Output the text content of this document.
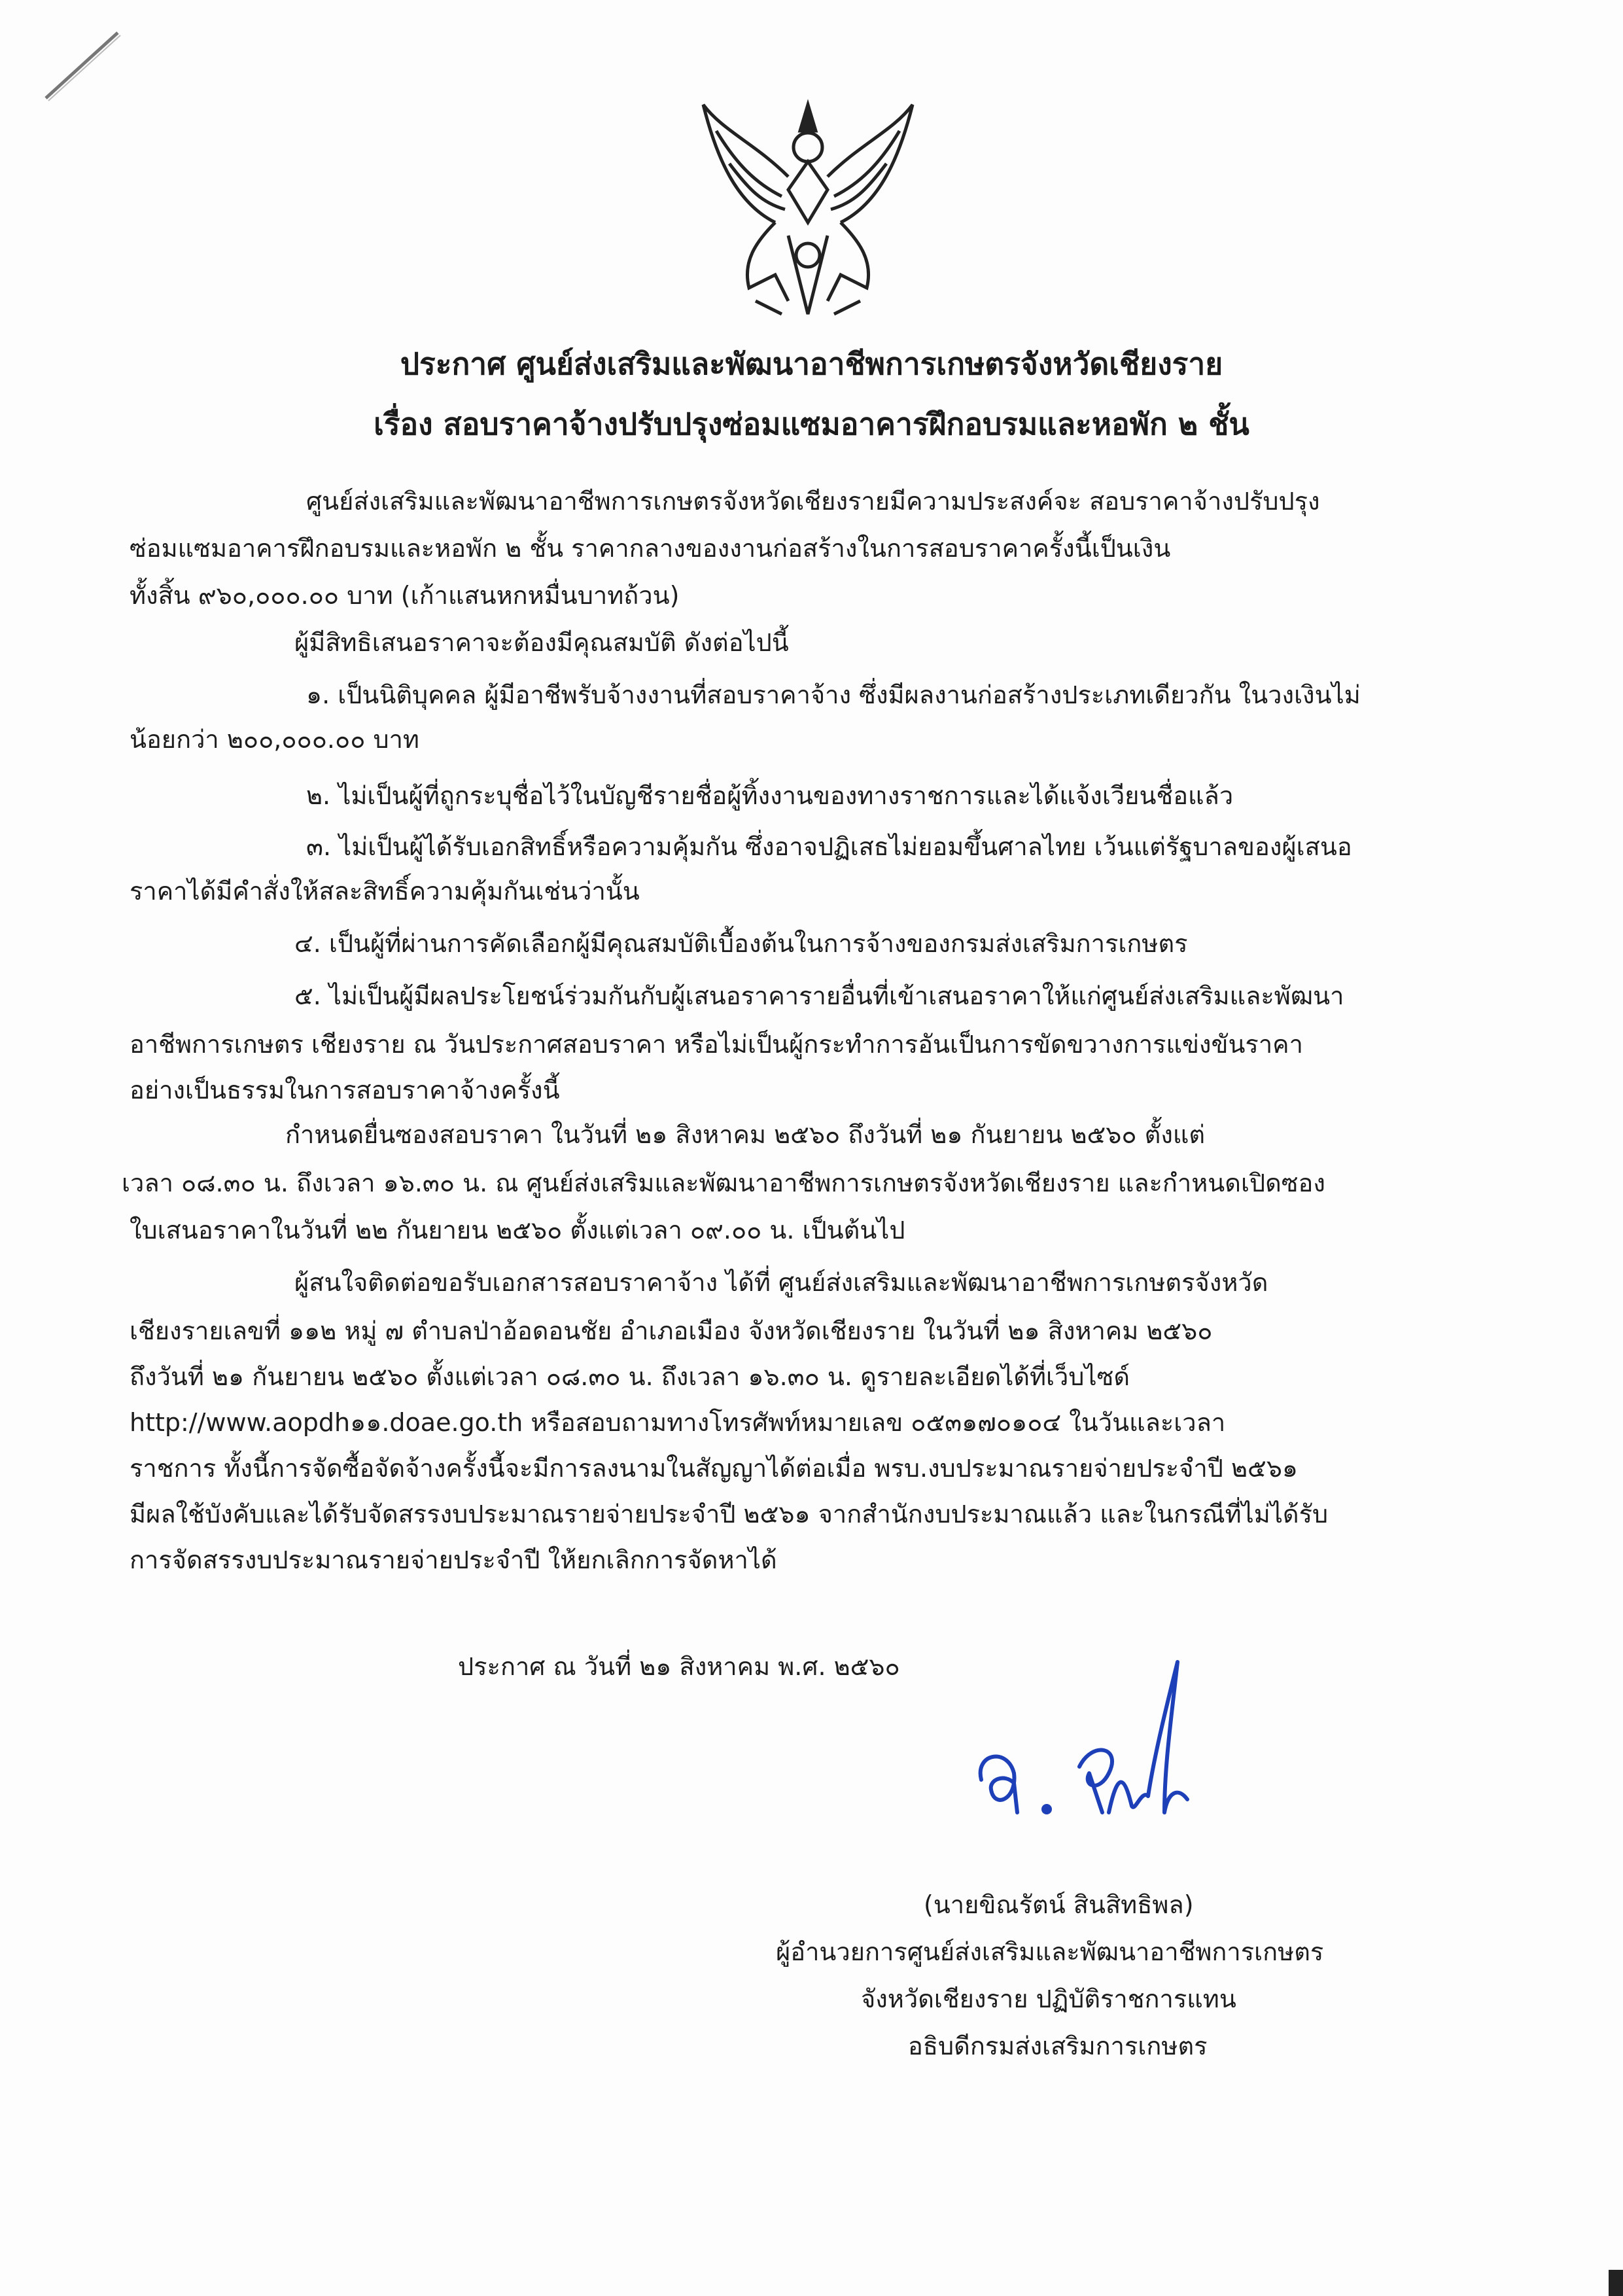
ประกาศ ศูนย์ส่งเสริมและพัฒนาอาชีพการเกษตรจังหวัดเชียงราย
เรื่อง สอบราคาจ้างปรับปรุงซ่อมแซมอาคารฝึกอบรมและหอพัก ๒ ชั้น
ศูนย์ส่งเสริมและพัฒนาอาชีพการเกษตรจังหวัดเชียงรายมีความประสงค์จะ สอบราคาจ้างปรับปรุง
ซ่อมแซมอาคารฝึกอบรมและหอพัก ๒ ชั้น ราคากลางของงานก่อสร้างในการสอบราคาครั้งนี้เป็นเงิน
ทั้งสิ้น ๙๖๐,๐๐๐.๐๐ บาท (เก้าแสนหกหมื่นบาทถ้วน)
ผู้มีสิทธิเสนอราคาจะต้องมีคุณสมบัติ ดังต่อไปนี้
๑. เป็นนิติบุคคล ผู้มีอาชีพรับจ้างงานที่สอบราคาจ้าง ซึ่งมีผลงานก่อสร้างประเภทเดียวกัน ในวงเงินไม่
น้อยกว่า ๒๐๐,๐๐๐.๐๐ บาท
๒. ไม่เป็นผู้ที่ถูกระบุชื่อไว้ในบัญชีรายชื่อผู้ทิ้งงานของทางราชการและได้แจ้งเวียนชื่อแล้ว
๓. ไม่เป็นผู้ได้รับเอกสิทธิ์หรือความคุ้มกัน ซึ่งอาจปฏิเสธไม่ยอมขึ้นศาลไทย เว้นแต่รัฐบาลของผู้เสนอ
ราคาได้มีคำสั่งให้สละสิทธิ์ความคุ้มกันเช่นว่านั้น
๔. เป็นผู้ที่ผ่านการคัดเลือกผู้มีคุณสมบัติเบื้องต้นในการจ้างของกรมส่งเสริมการเกษตร
๕. ไม่เป็นผู้มีผลประโยชน์ร่วมกันกับผู้เสนอราคารายอื่นที่เข้าเสนอราคาให้แก่ศูนย์ส่งเสริมและพัฒนา
อาชีพการเกษตร เชียงราย ณ วันประกาศสอบราคา หรือไม่เป็นผู้กระทำการอันเป็นการขัดขวางการแข่งขันราคา
อย่างเป็นธรรมในการสอบราคาจ้างครั้งนี้
กำหนดยื่นซองสอบราคา ในวันที่ ๒๑ สิงหาคม ๒๕๖๐ ถึงวันที่ ๒๑ กันยายน ๒๕๖๐ ตั้งแต่
เวลา ๐๘.๓๐ น. ถึงเวลา ๑๖.๓๐ น. ณ ศูนย์ส่งเสริมและพัฒนาอาชีพการเกษตรจังหวัดเชียงราย และกำหนดเปิดซอง
ใบเสนอราคาในวันที่ ๒๒ กันยายน ๒๕๖๐ ตั้งแต่เวลา ๐๙.๐๐ น. เป็นต้นไป
ผู้สนใจติดต่อขอรับเอกสารสอบราคาจ้าง ได้ที่ ศูนย์ส่งเสริมและพัฒนาอาชีพการเกษตรจังหวัด
เชียงรายเลขที่ ๑๑๒ หมู่ ๗ ตำบลป่าอ้อดอนชัย อำเภอเมือง จังหวัดเชียงราย ในวันที่ ๒๑ สิงหาคม ๒๕๖๐
ถึงวันที่ ๒๑ กันยายน ๒๕๖๐ ตั้งแต่เวลา ๐๘.๓๐ น. ถึงเวลา ๑๖.๓๐ น. ดูรายละเอียดได้ที่เว็บไซด์
http://www.aopdh๑๑.doae.go.th หรือสอบถามทางโทรศัพท์หมายเลข ๐๕๓๑๗๐๑๐๔ ในวันและเวลา
ราชการ ทั้งนี้การจัดซื้อจัดจ้างครั้งนี้จะมีการลงนามในสัญญาได้ต่อเมื่อ พรบ.งบประมาณรายจ่ายประจำปี ๒๕๖๑
มีผลใช้บังคับและได้รับจัดสรรงบประมาณรายจ่ายประจำปี ๒๕๖๑ จากสำนักงบประมาณแล้ว และในกรณีที่ไม่ได้รับ
การจัดสรรงบประมาณรายจ่ายประจำปี ให้ยกเลิกการจัดหาได้
ประกาศ ณ วันที่ ๒๑ สิงหาคม พ.ศ. ๒๕๖๐
(นายขิณรัตน์ สินสิทธิพล)
ผู้อำนวยการศูนย์ส่งเสริมและพัฒนาอาชีพการเกษตร
จังหวัดเชียงราย ปฏิบัติราชการแทน
อธิบดีกรมส่งเสริมการเกษตร
